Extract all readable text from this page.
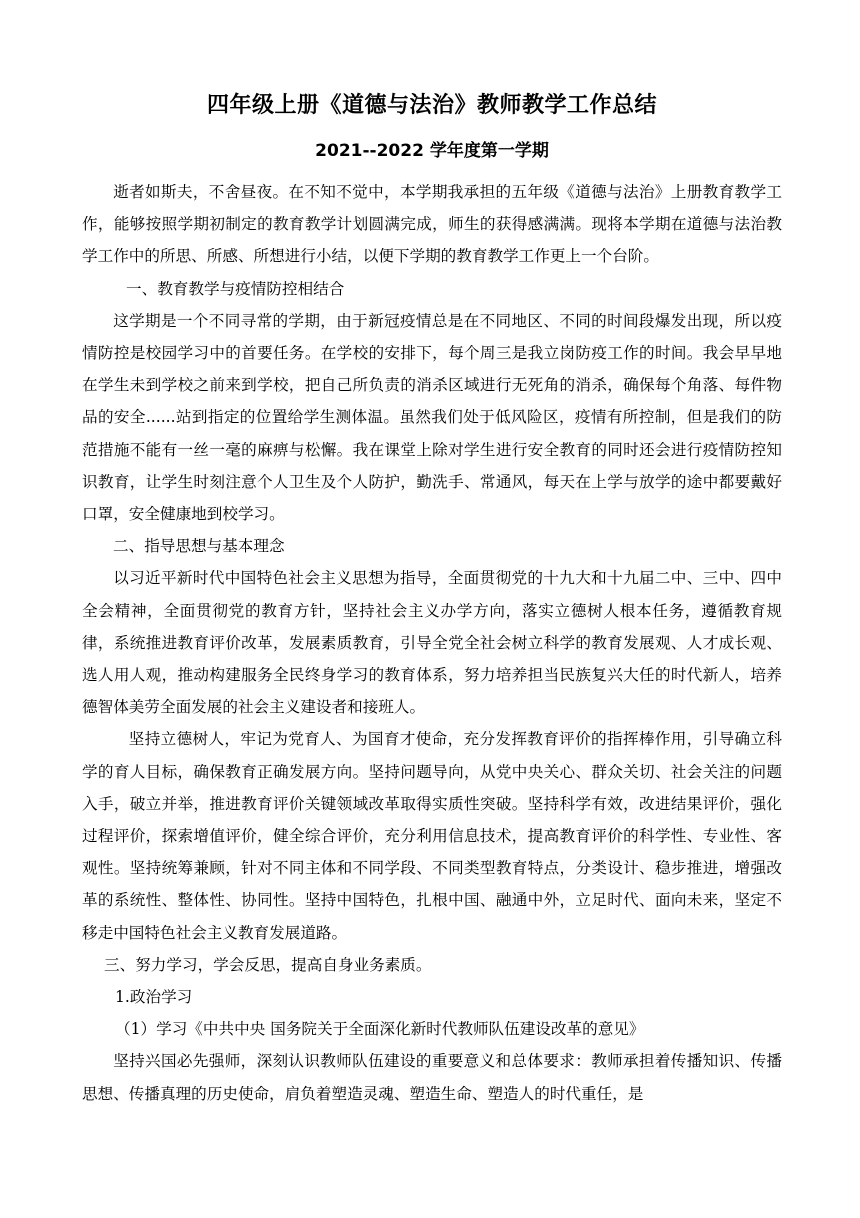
四年级上册《道德与法治》教师教学工作总结
2021--2022 学年度第一学期

逝者如斯夫，不舍昼夜。在不知不觉中，本学期我承担的五年级《道德与法治》上册教育教学工作，能够按照学期初制定的教育教学计划圆满完成，师生的获得感满满。现将本学期在道德与法治教学工作中的所思、所感、所想进行小结，以便下学期的教育教学工作更上一个台阶。

一、教育教学与疫情防控相结合

这学期是一个不同寻常的学期，由于新冠疫情总是在不同地区、不同的时间段爆发出现，所以疫情防控是校园学习中的首要任务。在学校的安排下，每个周三是我立岗防疫工作的时间。我会早早地在学生未到学校之前来到学校，把自己所负责的消杀区域进行无死角的消杀，确保每个角落、每件物品的安全......站到指定的位置给学生测体温。虽然我们处于低风险区，疫情有所控制，但是我们的防范措施不能有一丝一毫的麻痹与松懈。我在课堂上除对学生进行安全教育的同时还会进行疫情防控知识教育，让学生时刻注意个人卫生及个人防护，勤洗手、常通风，每天在上学与放学的途中都要戴好口罩，安全健康地到校学习。

二、指导思想与基本理念

以习近平新时代中国特色社会主义思想为指导，全面贯彻党的十九大和十九届二中、三中、四中全会精神，全面贯彻党的教育方针，坚持社会主义办学方向，落实立德树人根本任务，遵循教育规律，系统推进教育评价改革，发展素质教育，引导全党全社会树立科学的教育发展观、人才成长观、选人用人观，推动构建服务全民终身学习的教育体系，努力培养担当民族复兴大任的时代新人，培养德智体美劳全面发展的社会主义建设者和接班人。

坚持立德树人，牢记为党育人、为国育才使命，充分发挥教育评价的指挥棒作用，引导确立科学的育人目标，确保教育正确发展方向。坚持问题导向，从党中央关心、群众关切、社会关注的问题入手，破立并举，推进教育评价关键领域改革取得实质性突破。坚持科学有效，改进结果评价，强化过程评价，探索增值评价，健全综合评价，充分利用信息技术，提高教育评价的科学性、专业性、客观性。坚持统筹兼顾，针对不同主体和不同学段、不同类型教育特点，分类设计、稳步推进，增强改革的系统性、整体性、协同性。坚持中国特色，扎根中国、融通中外，立足时代、面向未来，坚定不移走中国特色社会主义教育发展道路。

三、努力学习，学会反思，提高自身业务素质。

1.政治学习

（1）学习《中共中央 国务院关于全面深化新时代教师队伍建设改革的意见》

坚持兴国必先强师，深刻认识教师队伍建设的重要意义和总体要求：教师承担着传播知识、传播思想、传播真理的历史使命，肩负着塑造灵魂、塑造生命、塑造人的时代重任，是
